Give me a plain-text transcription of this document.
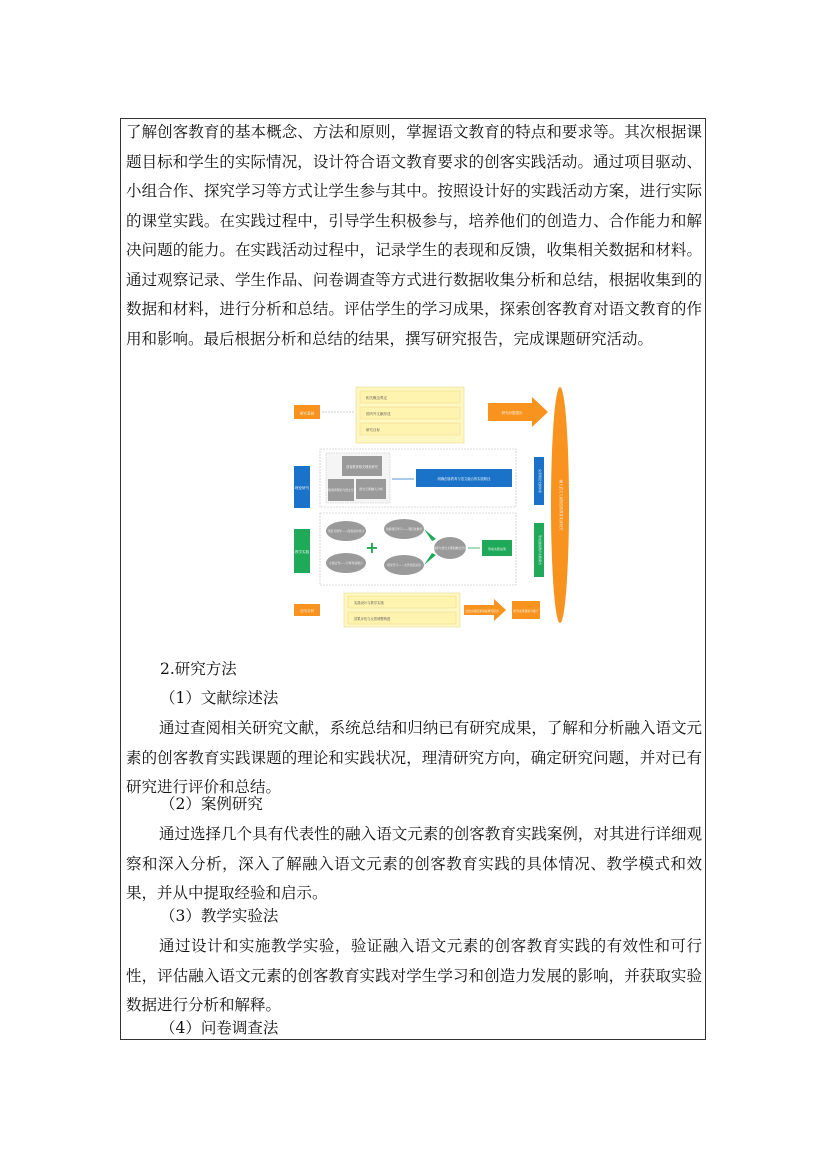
了解创客教育的基本概念、方法和原则，掌握语文教育的特点和要求等。其次根据课题目标和学生的实际情况，设计符合语文教育要求的创客实践活动。通过项目驱动、小组合作、探究学习等方式让学生参与其中。按照设计好的实践活动方案，进行实际的课堂实践。在实践过程中，引导学生积极参与，培养他们的创造力、合作能力和解决问题的能力。在实践活动过程中，记录学生的表现和反馈，收集相关数据和材料。通过观察记录、学生作品、问卷调查等方式进行数据收集分析和总结，根据收集到的数据和材料，进行分析和总结。评估学生的学习成果，探索创客教育对语文教育的作用和影响。最后根据分析和总结的结果，撰写研究报告，完成课题研究活动。

研究基础
理论研究
教学实践
总结分析
相关概念界定
国内外文献综述
研究目标
研究问题提出
融入语文元素的创客教育实践研究
创客教育相关理论研究
创客教育理论与语文元素 语文元素融入分析
明确创客教育与语文融合的实践路径	完善理论支撑体系
项目式教学——创客活动设计
小组合作——分享作品展示
+
创客项目学习——项目化教学
探究学习——文学创意活动
创客与语文元素的融合设计	形成实践成果	形成创客教育实践模式
实践设计与教学实施
效果评估与反思调整构建
总结实践经验形成研究报告	研究成果提炼与推广

2.研究方法

（1）文献综述法

通过查阅相关研究文献，系统总结和归纳已有研究成果，了解和分析融入语文元素的创客教育实践课题的理论和实践状况，理清研究方向，确定研究问题，并对已有研究进行评价和总结。

（2）案例研究

通过选择几个具有代表性的融入语文元素的创客教育实践案例，对其进行详细观察和深入分析，深入了解融入语文元素的创客教育实践的具体情况、教学模式和效果，并从中提取经验和启示。

（3）教学实验法

通过设计和实施教学实验，验证融入语文元素的创客教育实践的有效性和可行性，评估融入语文元素的创客教育实践对学生学习和创造力发展的影响，并获取实验数据进行分析和解释。

（4）问卷调查法
